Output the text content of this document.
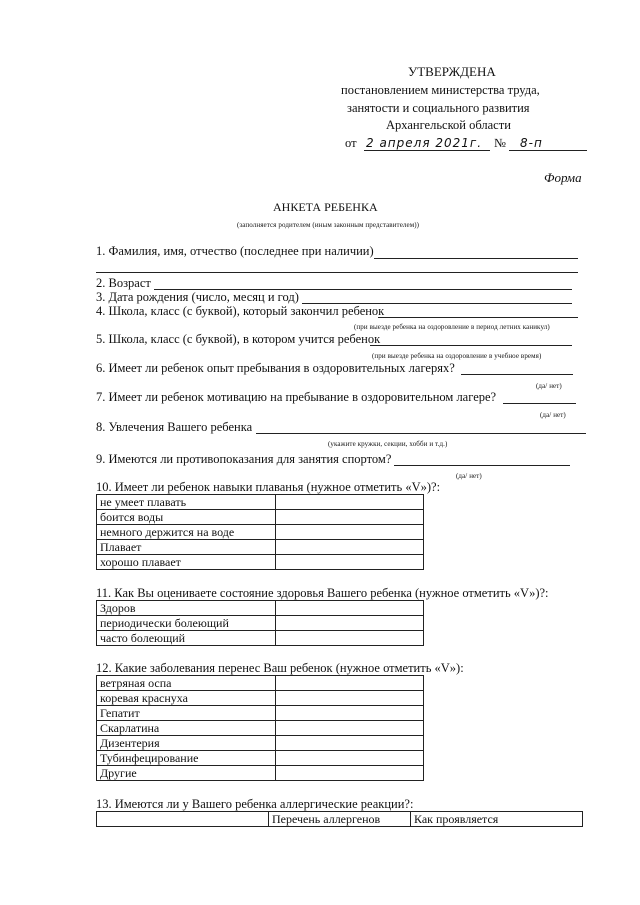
УТВЕРЖДЕНА
постановлением министерства труда,
занятости и социального развития
Архангельской области
от 2 апреля 2021г. № 8-п
Форма
АНКЕТА РЕБЕНКА
(заполняется родителем (иным законным представителем))
1. Фамилия, имя, отчество (последнее при наличии)
2. Возраст
3. Дата рождения (число, месяц и год)
4. Школа, класс (с буквой), который закончил ребенок
(при выезде ребенка на оздоровление в период летних каникул)
5. Школа, класс (с буквой), в котором учится ребенок
(при выезде ребенка на оздоровление в учебное время)
6. Имеет ли ребенок опыт пребывания в оздоровительных лагерях?
(да/ нет)
7. Имеет ли ребенок мотивацию на пребывание в оздоровительном лагере?
(да/ нет)
8. Увлечения Вашего ребенка
(укажите кружки, секции, хобби и т.д.)
9. Имеются ли противопоказания для занятия спортом?
(да/ нет)
10. Имеет ли ребенок навыки плаванья (нужное отметить «V»)?:
не умеет плавать	
боится воды	
немного держится на воде	
Плавает	
хорошо плавает	
11. Как Вы оцениваете состояние здоровья Вашего ребенка (нужное отметить «V»)?:
Здоров	
периодически болеющий	
часто болеющий	
12. Какие заболевания перенес Ваш ребенок (нужное отметить «V»):
ветряная оспа	
коревая краснуха	
Гепатит	
Скарлатина	
Дизентерия	
Тубинфецирование	
Другие	
13. Имеются ли у Вашего ребенка аллергические реакции?:
	Перечень аллергенов	Как проявляется
